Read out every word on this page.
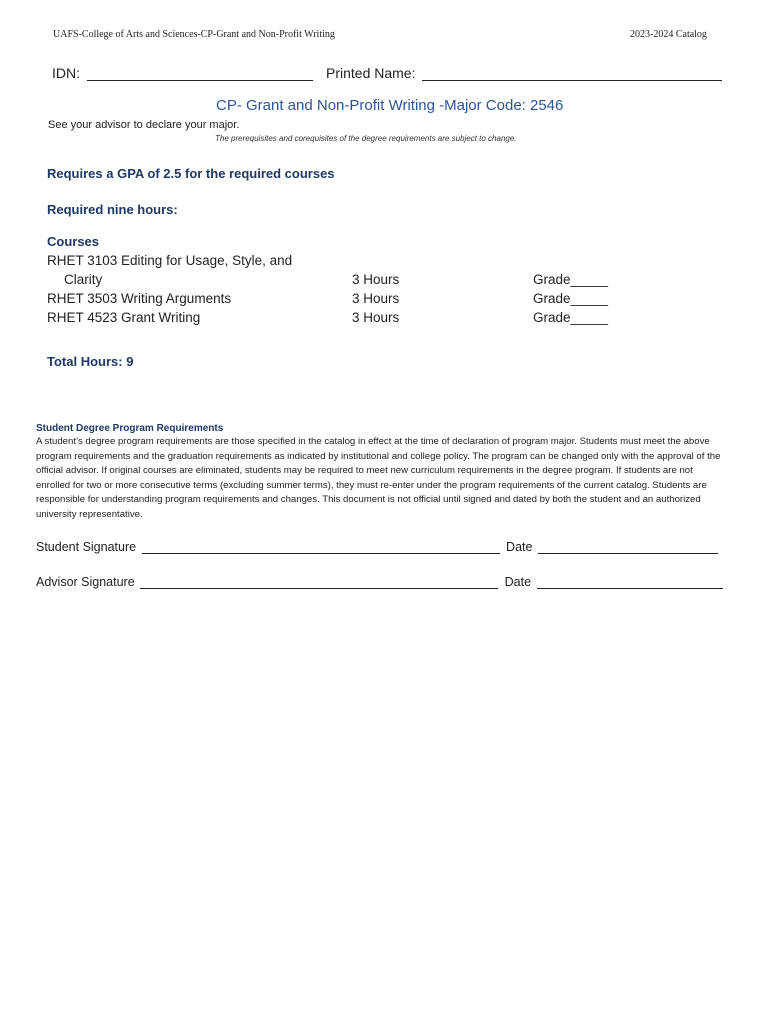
UAFS-College of Arts and Sciences-CP-Grant and Non-Profit Writing	2023-2024 Catalog
IDN:	Printed Name:
CP- Grant and Non-Profit Writing -Major Code: 2546
See your advisor to declare your major.
The prerequisites and corequisites of the degree requirements are subject to change.
Requires a GPA of 2.5 for the required courses
Required nine hours:
Courses
RHET 3103 Editing for Usage, Style, and
Clarity	3 Hours	Grade_____
RHET 3503 Writing Arguments	3 Hours	Grade_____
RHET 4523 Grant Writing	3 Hours	Grade_____
Total Hours: 9
Student Degree Program Requirements
A student’s degree program requirements are those specified in the catalog in effect at the time of declaration of program major. Students must meet the above program requirements and the graduation requirements as indicated by institutional and college policy. The program can be changed only with the approval of the official advisor. If original courses are eliminated, students may be required to meet new curriculum requirements in the degree program. If students are not enrolled for two or more consecutive terms (excluding summer terms), they must re-enter under the program requirements of the current catalog. Students are responsible for understanding program requirements and changes. This document is not official until signed and dated by both the student and an authorized university representative.
Student Signature	Date
Advisor Signature	Date
